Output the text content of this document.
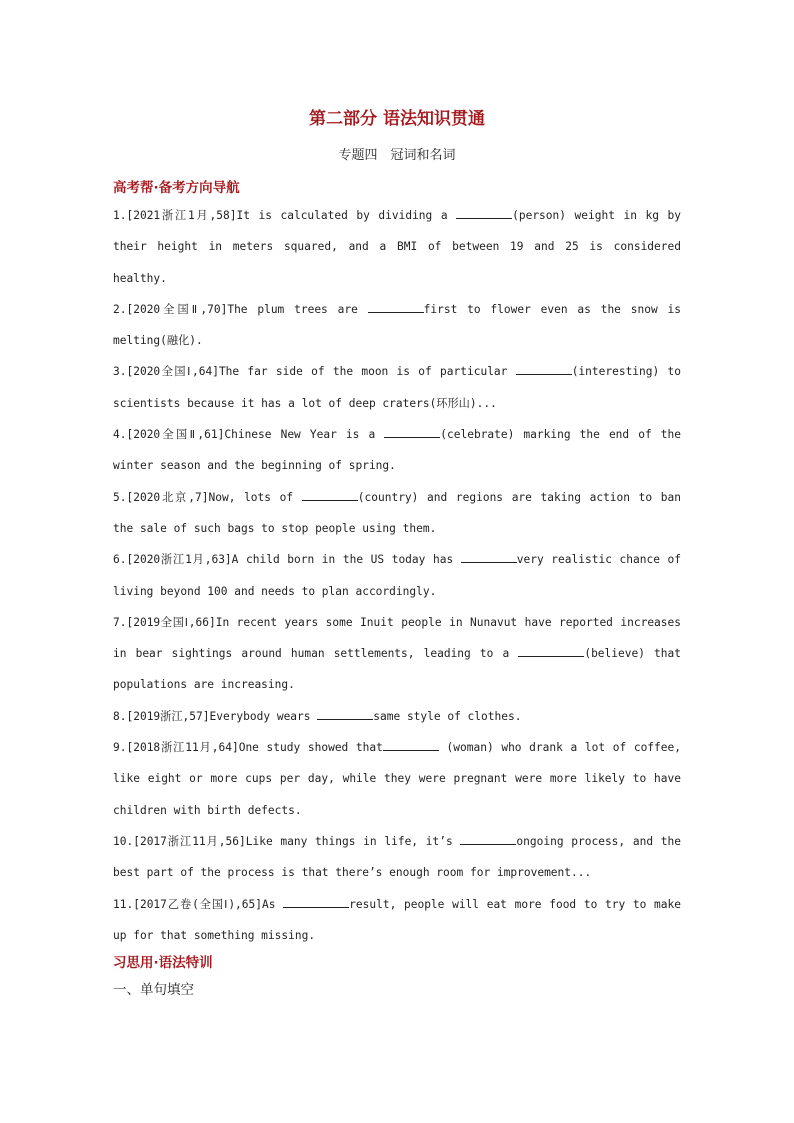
第二部分 语法知识贯通
专题四　冠词和名词
高考帮·备考方向导航
1.[2021浙江1月,58]It is calculated by dividing a	(person) weight in kg by their height in meters squared, and a BMI of between 19 and 25 is considered healthy.
2.[2020全国Ⅱ,70]The plum trees are	first to flower even as the snow is melting(融化).
3.[2020全国Ⅰ,64]The far side of the moon is of particular	(interesting) to scientists because it has a lot of deep craters(环形山)...
4.[2020全国Ⅱ,61]Chinese New Year is a	(celebrate) marking the end of the winter season and the beginning of spring.
5.[2020北京,7]Now, lots of	(country) and regions are taking action to ban the sale of such bags to stop people using them.
6.[2020浙江1月,63]A child born in the US today has	very realistic chance of living beyond 100 and needs to plan accordingly.
7.[2019全国Ⅰ,66]In recent years some Inuit people in Nunavut have reported increases in bear sightings around human settlements, leading to a	(believe) that populations are increasing.
8.[2019浙江,57]Everybody wears	same style of clothes.
9.[2018浙江11月,64]One study showed that	(woman) who drank a lot of coffee, like eight or more cups per day, while they were pregnant were more likely to have children with birth defects.
10.[2017浙江11月,56]Like many things in life, it’s	ongoing process, and the best part of the process is that there’s enough room for improvement...
11.[2017乙卷(全国Ⅰ),65]As	result, people will eat more food to try to make up for that something missing.
习思用·语法特训
一、单句填空
